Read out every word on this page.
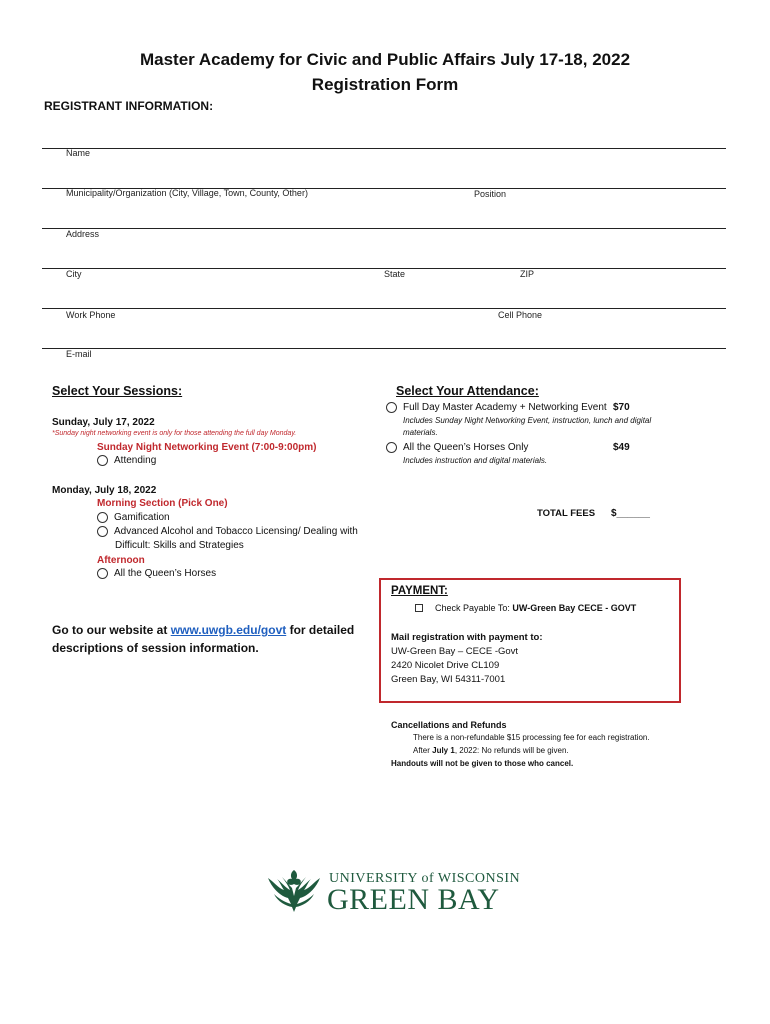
Master Academy for Civic and Public Affairs July 17-18, 2022
Registration Form
REGISTRANT INFORMATION:
Name
Municipality/Organization (City, Village, Town, County, Other)	Position
Address
City	State	ZIP
Work Phone	Cell Phone
E-mail
Select Your Sessions:
Sunday, July 17, 2022
*Sunday night networking event is only for those attending the full day Monday.
Sunday Night Networking Event (7:00-9:00pm)
Attending
Monday, July 18, 2022
Morning Section (Pick One)
Gamification
Advanced Alcohol and Tobacco Licensing/ Dealing with
Difficult: Skills and Strategies
Afternoon
All the Queen’s Horses
Go to our website at www.uwgb.edu/govt for detailed
descriptions of session information.
Select Your Attendance:
Full Day Master Academy + Networking Event $70
Includes Sunday Night Networking Event, instruction, lunch and digital
materials.
All the Queen’s Horses Only	$49
Includes instruction and digital materials.
TOTAL FEES $______
PAYMENT:
Check Payable To: UW-Green Bay CECE - GOVT
Mail registration with payment to:
UW-Green Bay – CECE -Govt
2420 Nicolet Drive CL109
Green Bay, WI 54311-7001
Cancellations and Refunds
There is a non-refundable $15 processing fee for each registration.
After July 1, 2022: No refunds will be given.
Handouts will not be given to those who cancel.
UNIVERSITY of WISCONSIN
GREEN BAY
